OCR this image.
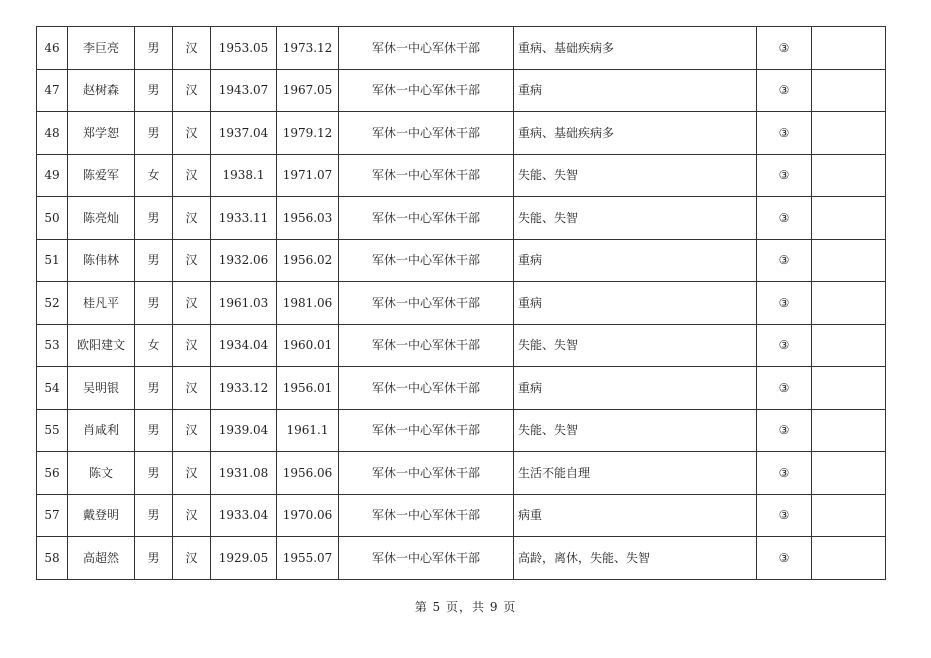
46	李巨亮	男	汉	1953.05	1973.12	军休一中心军休干部	重病、基础疾病多	③	
47	赵树森	男	汉	1943.07	1967.05	军休一中心军休干部	重病	③	
48	郑学恕	男	汉	1937.04	1979.12	军休一中心军休干部	重病、基础疾病多	③	
49	陈爱军	女	汉	1938.1	1971.07	军休一中心军休干部	失能、失智	③	
50	陈亮灿	男	汉	1933.11	1956.03	军休一中心军休干部	失能、失智	③	
51	陈伟林	男	汉	1932.06	1956.02	军休一中心军休干部	重病	③	
52	桂凡平	男	汉	1961.03	1981.06	军休一中心军休干部	重病	③	
53	欧阳建文	女	汉	1934.04	1960.01	军休一中心军休干部	失能、失智	③	
54	吴明银	男	汉	1933.12	1956.01	军休一中心军休干部	重病	③	
55	肖咸利	男	汉	1939.04	1961.1	军休一中心军休干部	失能、失智	③	
56	陈文	男	汉	1931.08	1956.06	军休一中心军休干部	生活不能自理	③	
57	戴登明	男	汉	1933.04	1970.06	军休一中心军休干部	病重	③	
58	高超然	男	汉	1929.05	1955.07	军休一中心军休干部	高龄，离休，失能、失智	③	
第 5 页，共 9 页
